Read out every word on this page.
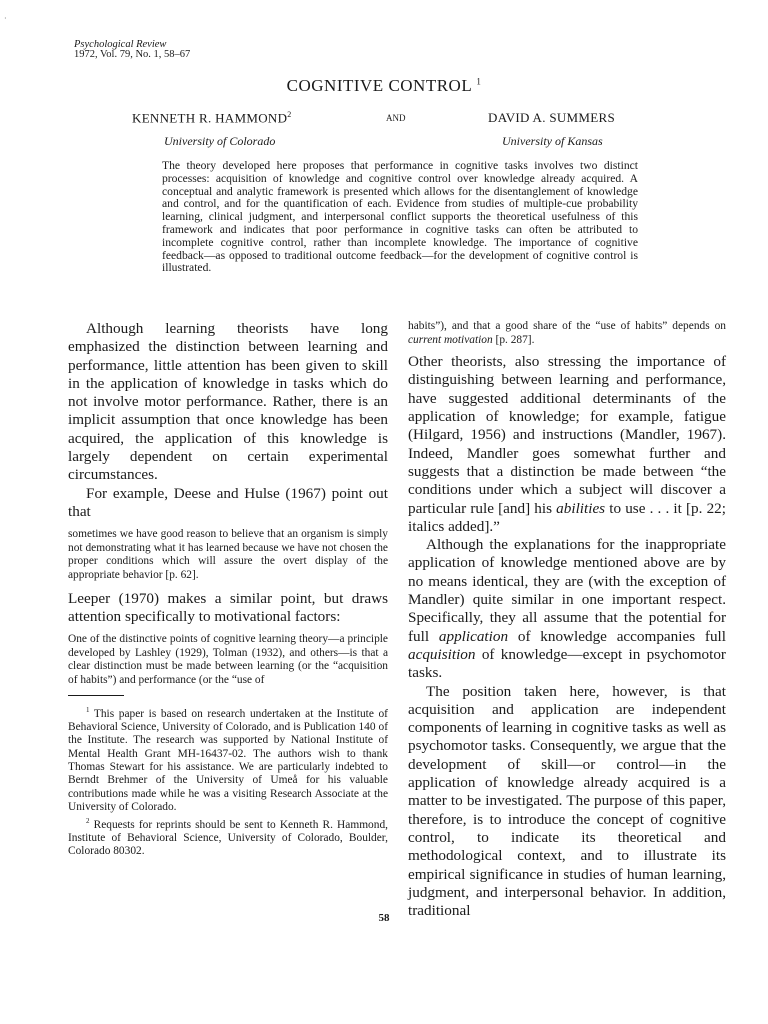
·
Psychological Review
1972, Vol. 79, No. 1, 58–67
COGNITIVE CONTROL $^1$
KENNETH R. HAMMOND$^2$	AND	DAVID A. SUMMERS
University of Colorado	University of Kansas
The theory developed here proposes that performance in cognitive tasks involves two distinct processes: acquisition of knowledge and cognitive control over knowledge already acquired. A conceptual and analytic framework is presented which allows for the disentanglement of knowledge and control, and for the quantification of each. Evidence from studies of multiple-cue probability learning, clinical judgment, and interpersonal conflict supports the theoretical usefulness of this framework and indicates that poor performance in cognitive tasks can often be attributed to incomplete cognitive control, rather than incomplete knowledge. The importance of cognitive feedback—as opposed to traditional outcome feedback—for the development of cognitive control is illustrated.

Although learning theorists have long emphasized the distinction between learning and performance, little attention has been given to skill in the application of knowledge in tasks which do not involve motor performance. Rather, there is an implicit assumption that once knowledge has been acquired, the application of this knowledge is largely dependent on certain experimental circumstances.

For example, Deese and Hulse (1967) point out that

sometimes we have good reason to believe that an organism is simply not demonstrating what it has learned because we have not chosen the proper conditions which will assure the overt display of the appropriate behavior [p. 62].

Leeper (1970) makes a similar point, but draws attention specifically to motivational factors:

One of the distinctive points of cognitive learning theory—a principle developed by Lashley (1929), Tolman (1932), and others—is that a clear distinction must be made between learning (or the “acquisition of habits”) and performance (or the “use of

$^1$ This paper is based on research undertaken at the Institute of Behavioral Science, University of Colorado, and is Publication 140 of the Institute. The research was supported by National Institute of Mental Health Grant MH-16437-02. The authors wish to thank Thomas Stewart for his assistance. We are particularly indebted to Berndt Brehmer of the University of Umeå for his valuable contributions made while he was a visiting Research Associate at the University of Colorado.

$^2$ Requests for reprints should be sent to Kenneth R. Hammond, Institute of Behavioral Science, University of Colorado, Boulder, Colorado 80302.

habits”), and that a good share of the “use of habits” depends on current motivation [p. 287].

Other theorists, also stressing the importance of distinguishing between learning and performance, have suggested additional determinants of the application of knowledge; for example, fatigue (Hilgard, 1956) and instructions (Mandler, 1967). Indeed, Mandler goes somewhat further and suggests that a distinction be made between “the conditions under which a subject will discover a particular rule [and] his abilities to use . . . it [p. 22; italics added].”

Although the explanations for the inappropriate application of knowledge mentioned above are by no means identical, they are (with the exception of Mandler) quite similar in one important respect. Specifically, they all assume that the potential for full application of knowledge accompanies full acquisition of knowledge—except in psychomotor tasks.

The position taken here, however, is that acquisition and application are independent components of learning in cognitive tasks as well as psychomotor tasks. Consequently, we argue that the development of skill—or control—in the application of knowledge already acquired is a matter to be investigated. The purpose of this paper, therefore, is to introduce the concept of cognitive control, to indicate its theoretical and methodological context, and to illustrate its empirical significance in studies of human learning, judgment, and interpersonal behavior. In addition, traditional

58
